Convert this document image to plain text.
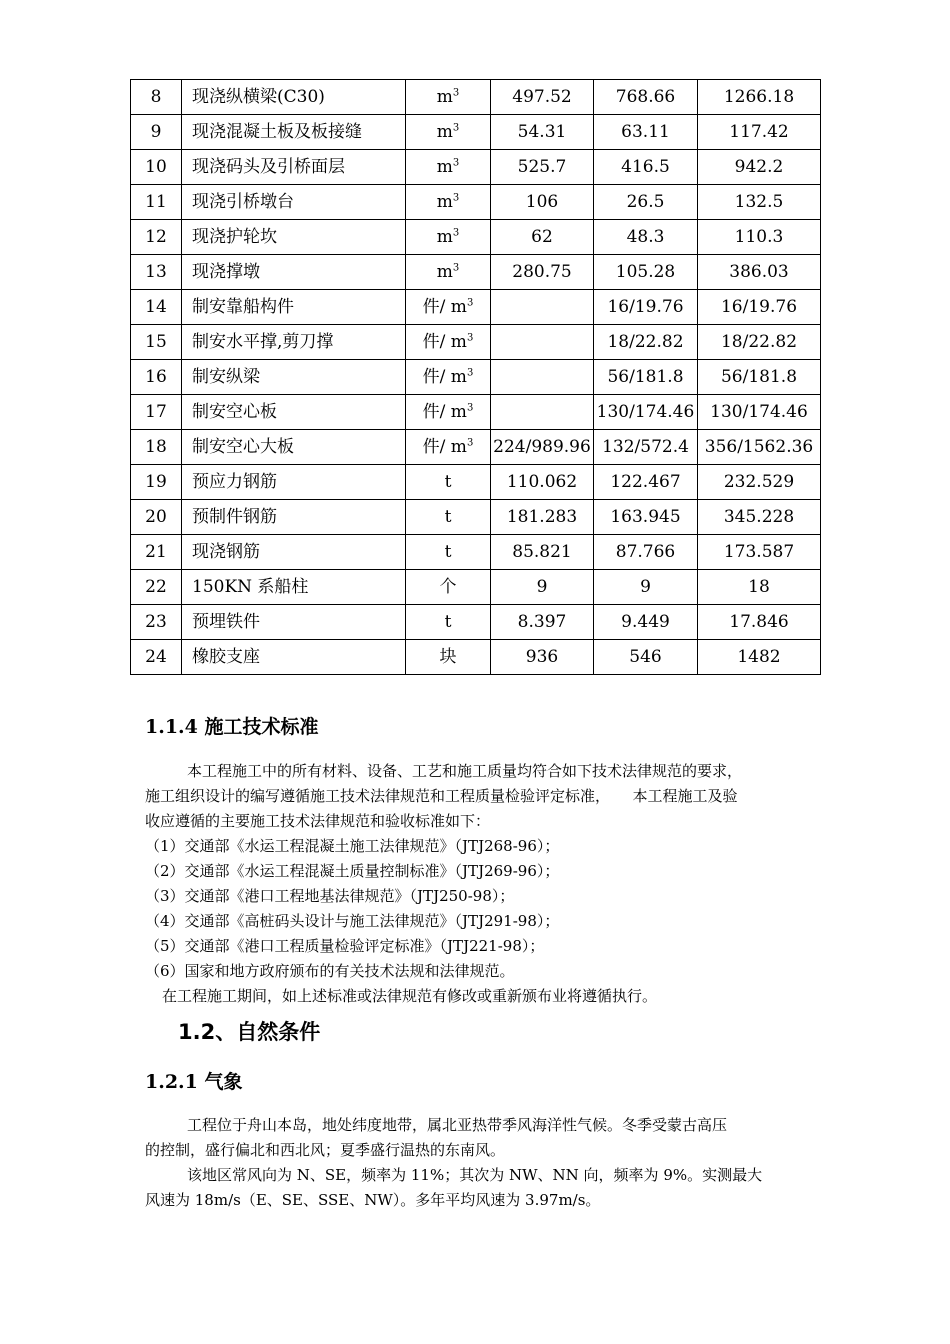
8	现浇纵横梁(C30)	$m^3$	497.52	768.66	1266.18
9	现浇混凝土板及板接缝	$m^3$	54.31	63.11	117.42
10	现浇码头及引桥面层	$m^3$	525.7	416.5	942.2
11	现浇引桥墩台	$m^3$	106	26.5	132.5
12	现浇护轮坎	$m^3$	62	48.3	110.3
13	现浇撑墩	$m^3$	280.75	105.28	386.03
14	制安靠船构件	件/ $m^3$		16/19.76	16/19.76
15	制安水平撑,剪刀撑	件/ $m^3$		18/22.82	18/22.82
16	制安纵梁	件/ $m^3$		56/181.8	56/181.8
17	制安空心板	件/ $m^3$		130/174.46	130/174.46
18	制安空心大板	件/ $m^3$	224/989.96	132/572.4	356/1562.36
19	预应力钢筋	t	110.062	122.467	232.529
20	预制件钢筋	t	181.283	163.945	345.228
21	现浇钢筋	t	85.821	87.766	173.587
22	150KN 系船柱	个	9	9	18
23	预埋铁件	t	8.397	9.449	17.846
24	橡胶支座	块	936	546	1482
1.1.4 施工技术标准
本工程施工中的所有材料、设备、工艺和施工质量均符合如下技术法律规范的要求，
施工组织设计的编写遵循施工技术法律规范和工程质量检验评定标准，　　本工程施工及验
收应遵循的主要施工技术法律规范和验收标准如下：
（1）交通部《水运工程混凝土施工法律规范》（JTJ268-96）；
（2）交通部《水运工程混凝土质量控制标准》（JTJ269-96）；
（3）交通部《港口工程地基法律规范》（JTJ250-98）；
（4）交通部《高桩码头设计与施工法律规范》（JTJ291-98）；
（5）交通部《港口工程质量检验评定标准》（JTJ221-98）；
（6）国家和地方政府颁布的有关技术法规和法律规范。
在工程施工期间，如上述标准或法律规范有修改或重新颁布业将遵循执行。
1.2、自然条件
1.2.1 气象
工程位于舟山本岛，地处纬度地带，属北亚热带季风海洋性气候。冬季受蒙古高压
的控制，盛行偏北和西北风；夏季盛行温热的东南风。
该地区常风向为 N、SE，频率为 11%；其次为 NW、NN 向，频率为 9%。实测最大
风速为 18m/s（E、SE、SSE、NW）。多年平均风速为 3.97m/s。
